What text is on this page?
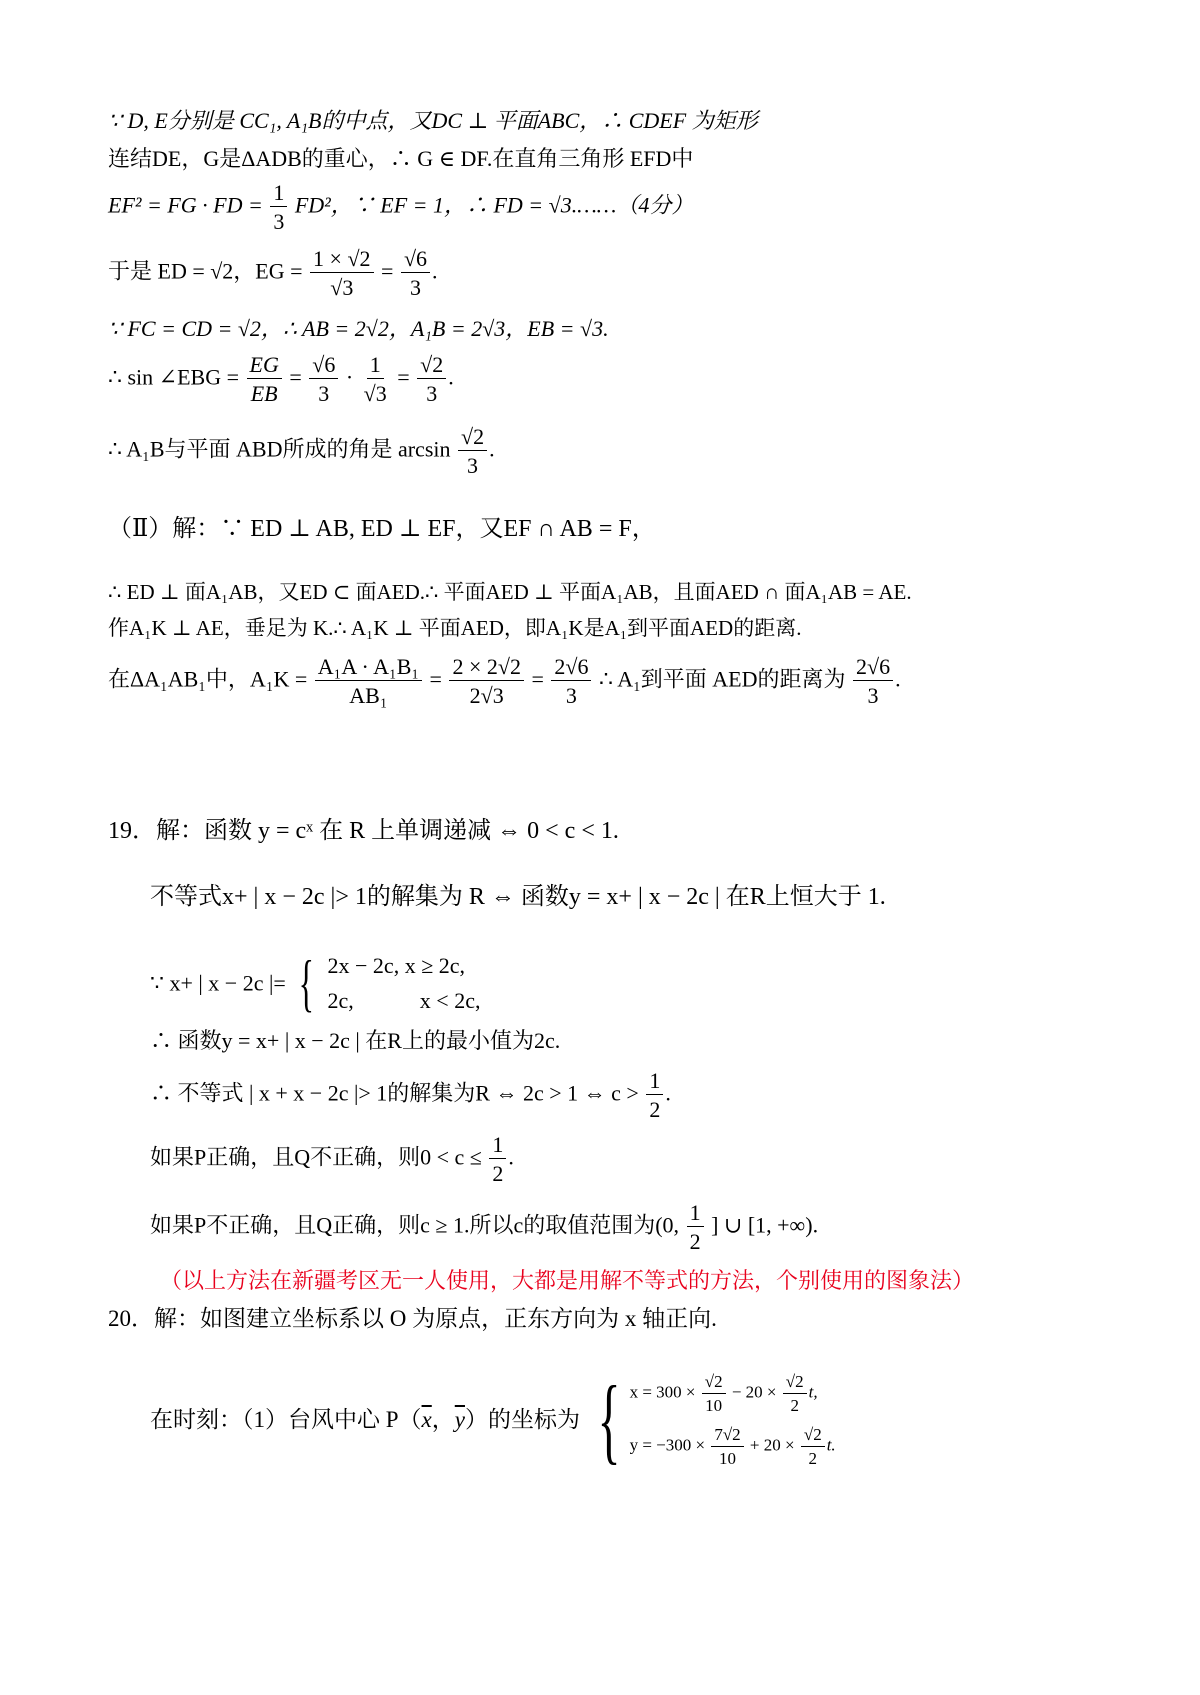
∵ D, E分别是 CC₁, A₁B的中点，又DC ⊥ 平面ABC，∴ CDEF 为矩形
连结DE，G是ΔADB的重心，∴ G ∈ DF.在直角三角形 EFD中
EF² = FG · FD = $\frac{1}{3} FD^2$，∵ EF = 1，∴ FD = √3.……（4分）
于是 ED = √2，EG = $\frac{1 \times √2}{√3} = \frac{√6}{3}$ .
∵ FC = CD = √2，∴ AB = 2√2，A₁B = 2√3，EB = √3.
∴ sin ∠EBG = $\frac{EG}{EB} = \frac{√6}{3} \cdot \frac{1}{√3} = \frac{√2}{3}$ .
∴ A₁B与平面 ABD所成的角是 $\arcsin \frac{√2}{3}$ .
（Ⅱ）解：∵ ED ⊥ AB, ED ⊥ EF，又EF ∩ AB = F，
∴ ED ⊥ 面A₁AB，又ED ⊂ 面AED.∴ 平面AED ⊥ 平面A₁AB，且面AED ∩ 面A₁AB = AE.
作A₁K ⊥ AE，垂足为 K.∴ A₁K ⊥ 平面AED，即A₁K是A₁到平面AED的距离.
在ΔA₁AB₁中，$A_1K = \frac{\text{A₁A · A₁B₁}}{\text{AB₁}} = \frac{2 \times 2√2}{2√3} = \frac{2√6}{3}$ ∴ A₁到平面 AED的距离为 $\frac{2√6}{3}$ .
19．解：函数 y = cˣ 在 R 上单调递减 ⇔ 0 < c < 1.
不等式x+ | x − 2c |> 1的解集为 R ⇔ 函数y = x+ | x − 2c | 在R上恒大于 1.
∵ x+ | x − 2c |= { 2x − 2c, x ≥ 2c,
2c,            x < 2c,
∴ 函数y = x+ | x − 2c | 在R上的最小值为2c.
∴ 不等式 | x + x − 2c |> 1的解集为R ⇔ 2c > 1 ⇔ $c > \frac{1}{2}$ .
如果P正确，且Q不正确，则$0 < c \le \frac{1}{2}$ .
如果P不正确，且Q正确，则c ≥ 1.所以c的取值范围为(0, $\frac{1}{2}$ ] ∪ [1, +∞).
（以上方法在新疆考区无一人使用，大都是用解不等式的方法，个别使用的图象法）
20．解：如图建立坐标系以 O 为原点，正东方向为 x 轴正向.
在时刻：（1）台风中心 $P(\overline{x}$，$\overline{y}$）的坐标为 { $x = 300 \times \frac{√2}{10} - 20 \times \frac{√2}{2} t$,
$y = -300 \times \frac{7√2}{10} + 20 \times \frac{√2}{2} t$.
